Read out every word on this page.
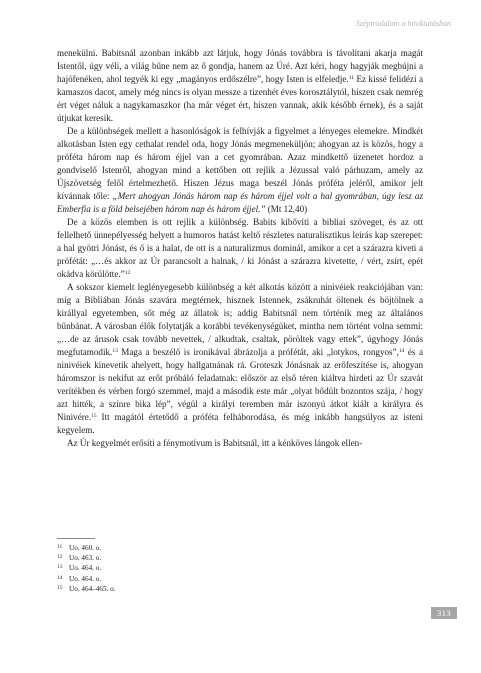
Szépirodalom a hitoktatásban

menekülni. Babitsnál azonban inkább azt látjuk, hogy Jónás továbbra is távolítani akarja magát Istentől, úgy véli, a világ bűne nem az ő gondja, hanem az Úré. Azt kéri, hogy hagyják megbújni a hajófenéken, ahol tegyék ki egy „magányos erdőszélre”, hogy Isten is elfeledje.$^{11}$ Ez kissé felidézi a kamaszos dacot, amely még nincs is olyan messze a tizenhét éves korosztálytól, hiszen csak nemrég ért véget náluk a nagykamaszkor (ha már véget ért, hiszen vannak, akik később érnek), és a saját útjukat keresik.

De a különbségek mellett a hasonlóságok is felhívják a figyelmet a lényeges elemekre. Mindkét alkotásban Isten egy cethalat rendel oda, hogy Jónás megmeneküljön; ahogyan az is közös, hogy a próféta három nap és három éjjel van a cet gyomrában. Azaz mindkettő üzenetet hordoz a gondviselő Istenről, ahogyan mind a kettőben ott rejlik a Jézussal való párhuzam, amely az Újszövetség felől értelmezhető. Hiszen Jézus maga beszél Jónás próféta jeléről, amikor jelt kívánnak tőle: „Mert ahogyan Jónás három nap és három éjjel volt a hal gyomrában, úgy lesz az Emberfia is a föld belsejében három nap és három éjjel.” (Mt 12,40)

De a közös elemben is ott rejlik a különbség. Babits kibővíti a bibliai szöveget, és az ott fellelhető ünnepélyesség helyett a humoros hatást keltő részletes naturalisztikus leírás kap szerepet: a hal gyötri Jónást, és ő is a halat, de ott is a naturalizmus dominál, amikor a cet a szárazra kiveti a prófétát: „…és akkor az Úr parancsolt a halnak, / ki Jónást a szárazra kivetette, / vért, zsírt, epét okádva körülötte.”$^{12}$

A sokszor kiemelt leglényegesebb különbség a két alkotás között a ninivéiek reakciójában van: míg a Bibliában Jónás szavára megtérnek, hisznek Istennek, zsákruhát öltenek és böjtölnek a királlyal egyetemben, sőt még az állatok is; addig Babitsnál nem történik meg az általános bűnbánat. A városban élők folytatják a korábbi tevékenységüket, mintha nem történt volna semmi: „…de az árusok csak tovább nevettek, / alkudtak, csaltak, pöröltek vagy ettek”, úgyhogy Jónás megfutamodik.$^{13}$ Maga a beszélő is ironikával ábrázolja a prófétát, aki „lotykos, rongyos”,$^{14}$ és a ninivéiek kinevetik ahelyett, hogy hallgatnának rá. Groteszk Jónásnak az erőfeszítése is, ahogyan háromszor is nekifut az erőt próbáló feladatnak: először az első téren kiáltva hirdeti az Úr szavát verítékben és vérben forgó szemmel, majd a második este már „olyat bődült bozontos szája, / hogy azt hitték, a színre bika lép”, végül a királyi teremben már iszonyú átkot kiált a királyra és Ninivére.$^{15}$ Itt magától értetődő a próféta felháborodása, és még inkább hangsúlyos az isteni kegyelem.

Az Úr kegyelmét erősíti a fénymotívum is Babitsnál, itt a kénköves lángok ellen-

11 Uo. 460. o.
12 Uo. 463. o.
13 Uo. 464. o.
14 Uo. 464. o.
15 Uo. 464–465. o.
313
